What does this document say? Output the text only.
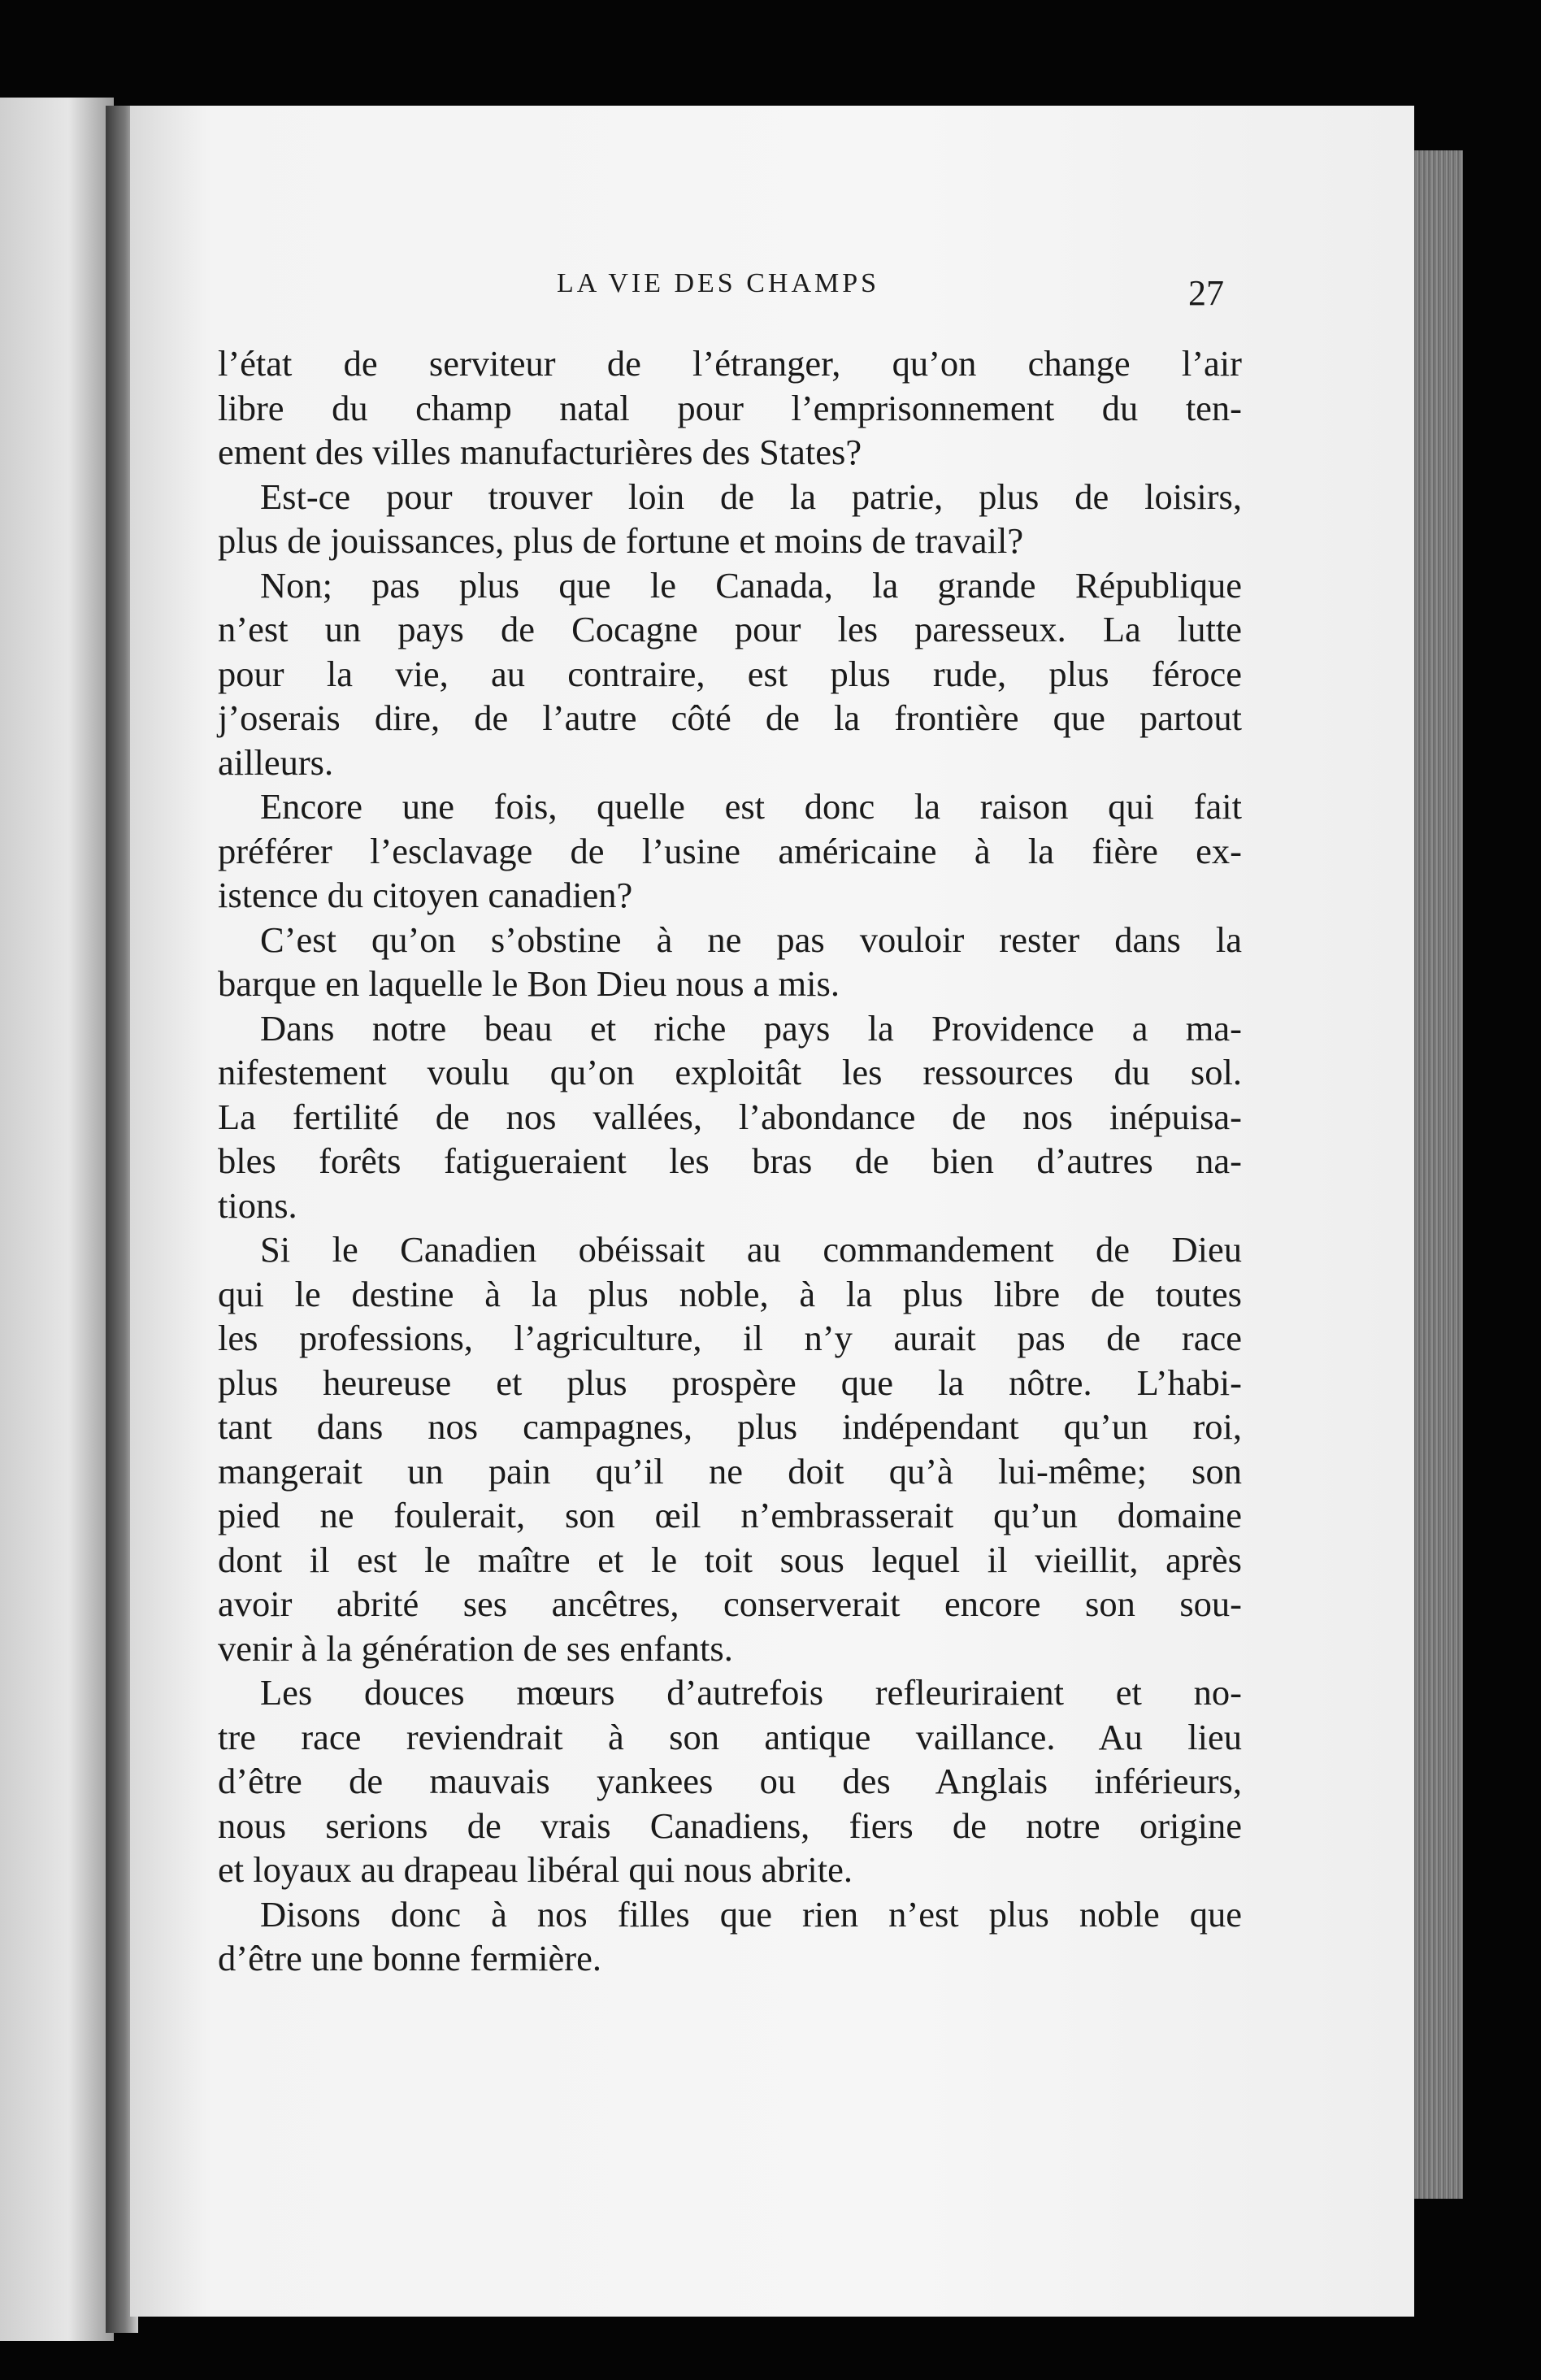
LA VIE DES CHAMPS	27
l’état de serviteur de l’étranger, qu’on change l’air
libre du champ natal pour l’emprisonnement du ten-
ement des villes manufacturières des States?
Est-ce pour trouver loin de la patrie, plus de loisirs,
plus de jouissances, plus de fortune et moins de travail?
Non; pas plus que le Canada, la grande République
n’est un pays de Cocagne pour les paresseux. La lutte
pour la vie, au contraire, est plus rude, plus féroce
j’oserais dire, de l’autre côté de la frontière que partout
ailleurs.
Encore une fois, quelle est donc la raison qui fait
préférer l’esclavage de l’usine américaine à la fière ex-
istence du citoyen canadien?
C’est qu’on s’obstine à ne pas vouloir rester dans la
barque en laquelle le Bon Dieu nous a mis.
Dans notre beau et riche pays la Providence a ma-
nifestement voulu qu’on exploitât les ressources du sol.
La fertilité de nos vallées, l’abondance de nos inépuisa-
bles forêts fatigueraient les bras de bien d’autres na-
tions.
Si le Canadien obéissait au commandement de Dieu
qui le destine à la plus noble, à la plus libre de toutes
les professions, l’agriculture, il n’y aurait pas de race
plus heureuse et plus prospère que la nôtre. L’habi-
tant dans nos campagnes, plus indépendant qu’un roi,
mangerait un pain qu’il ne doit qu’à lui-même; son
pied ne foulerait, son œil n’embrasserait qu’un domaine
dont il est le maître et le toit sous lequel il vieillit, après
avoir abrité ses ancêtres, conserverait encore son sou-
venir à la génération de ses enfants.
Les douces mœurs d’autrefois refleuriraient et no-
tre race reviendrait à son antique vaillance. Au lieu
d’être de mauvais yankees ou des Anglais inférieurs,
nous serions de vrais Canadiens, fiers de notre origine
et loyaux au drapeau libéral qui nous abrite.
Disons donc à nos filles que rien n’est plus noble que
d’être une bonne fermière.
